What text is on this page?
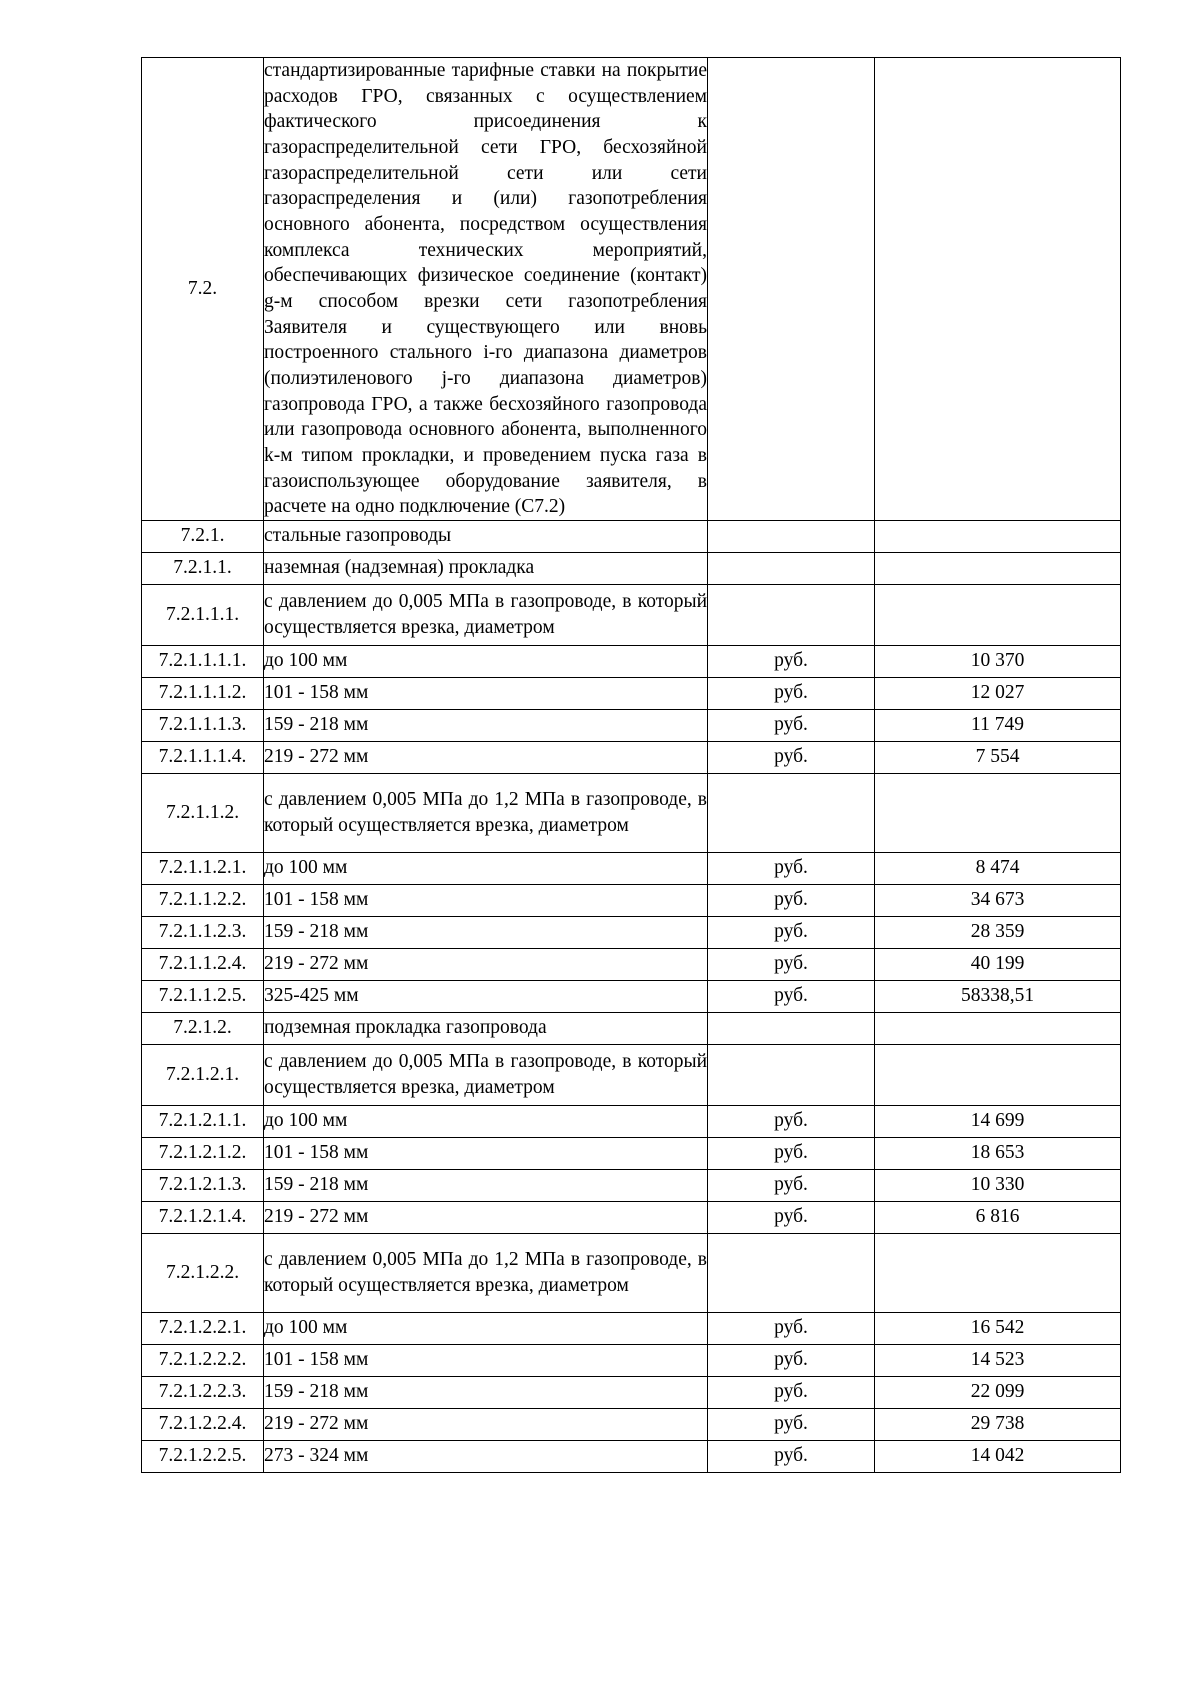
7.2.	стандартизированные тарифные ставки на покрытие расходов ГРО, связанных с осуществлением фактического присоединения к газораспределительной сети ГРО, бесхозяйной газораспределительной сети или сети газораспределения и (или) газопотребления основного абонента, посредством осуществления комплекса технических мероприятий, обеспечивающих физическое соединение (контакт) g-м способом врезки сети газопотребления Заявителя и существующего или вновь построенного стального i-го диапазона диаметров (полиэтиленового j-го диапазона диаметров) газопровода ГРО, а также бесхозяйного газопровода или газопровода основного абонента, выполненного k-м типом прокладки, и проведением пуска газа в газоиспользующее оборудование заявителя, в расчете на одно подключение (С7.2)		
7.2.1.	стальные газопроводы		
7.2.1.1.	наземная (надземная) прокладка		
7.2.1.1.1.	с давлением до 0,005 МПа в газопроводе, в который осуществляется врезка, диаметром		
7.2.1.1.1.1.	до 100 мм	руб.	10 370
7.2.1.1.1.2.	101 - 158 мм	руб.	12 027
7.2.1.1.1.3.	159 - 218 мм	руб.	11 749
7.2.1.1.1.4.	219 - 272 мм	руб.	7 554
7.2.1.1.2.	с давлением 0,005 МПа до 1,2 МПа в газопроводе, в который осуществляется врезка, диаметром		
7.2.1.1.2.1.	до 100 мм	руб.	8 474
7.2.1.1.2.2.	101 - 158 мм	руб.	34 673
7.2.1.1.2.3.	159 - 218 мм	руб.	28 359
7.2.1.1.2.4.	219 - 272 мм	руб.	40 199
7.2.1.1.2.5.	325-425 мм	руб.	58338,51
7.2.1.2.	подземная прокладка газопровода		
7.2.1.2.1.	с давлением до 0,005 МПа в газопроводе, в который осуществляется врезка, диаметром		
7.2.1.2.1.1.	до 100 мм	руб.	14 699
7.2.1.2.1.2.	101 - 158 мм	руб.	18 653
7.2.1.2.1.3.	159 - 218 мм	руб.	10 330
7.2.1.2.1.4.	219 - 272 мм	руб.	6 816
7.2.1.2.2.	с давлением 0,005 МПа до 1,2 МПа в газопроводе, в который осуществляется врезка, диаметром		
7.2.1.2.2.1.	до 100 мм	руб.	16 542
7.2.1.2.2.2.	101 - 158 мм	руб.	14 523
7.2.1.2.2.3.	159 - 218 мм	руб.	22 099
7.2.1.2.2.4.	219 - 272 мм	руб.	29 738
7.2.1.2.2.5.	273 - 324 мм	руб.	14 042
